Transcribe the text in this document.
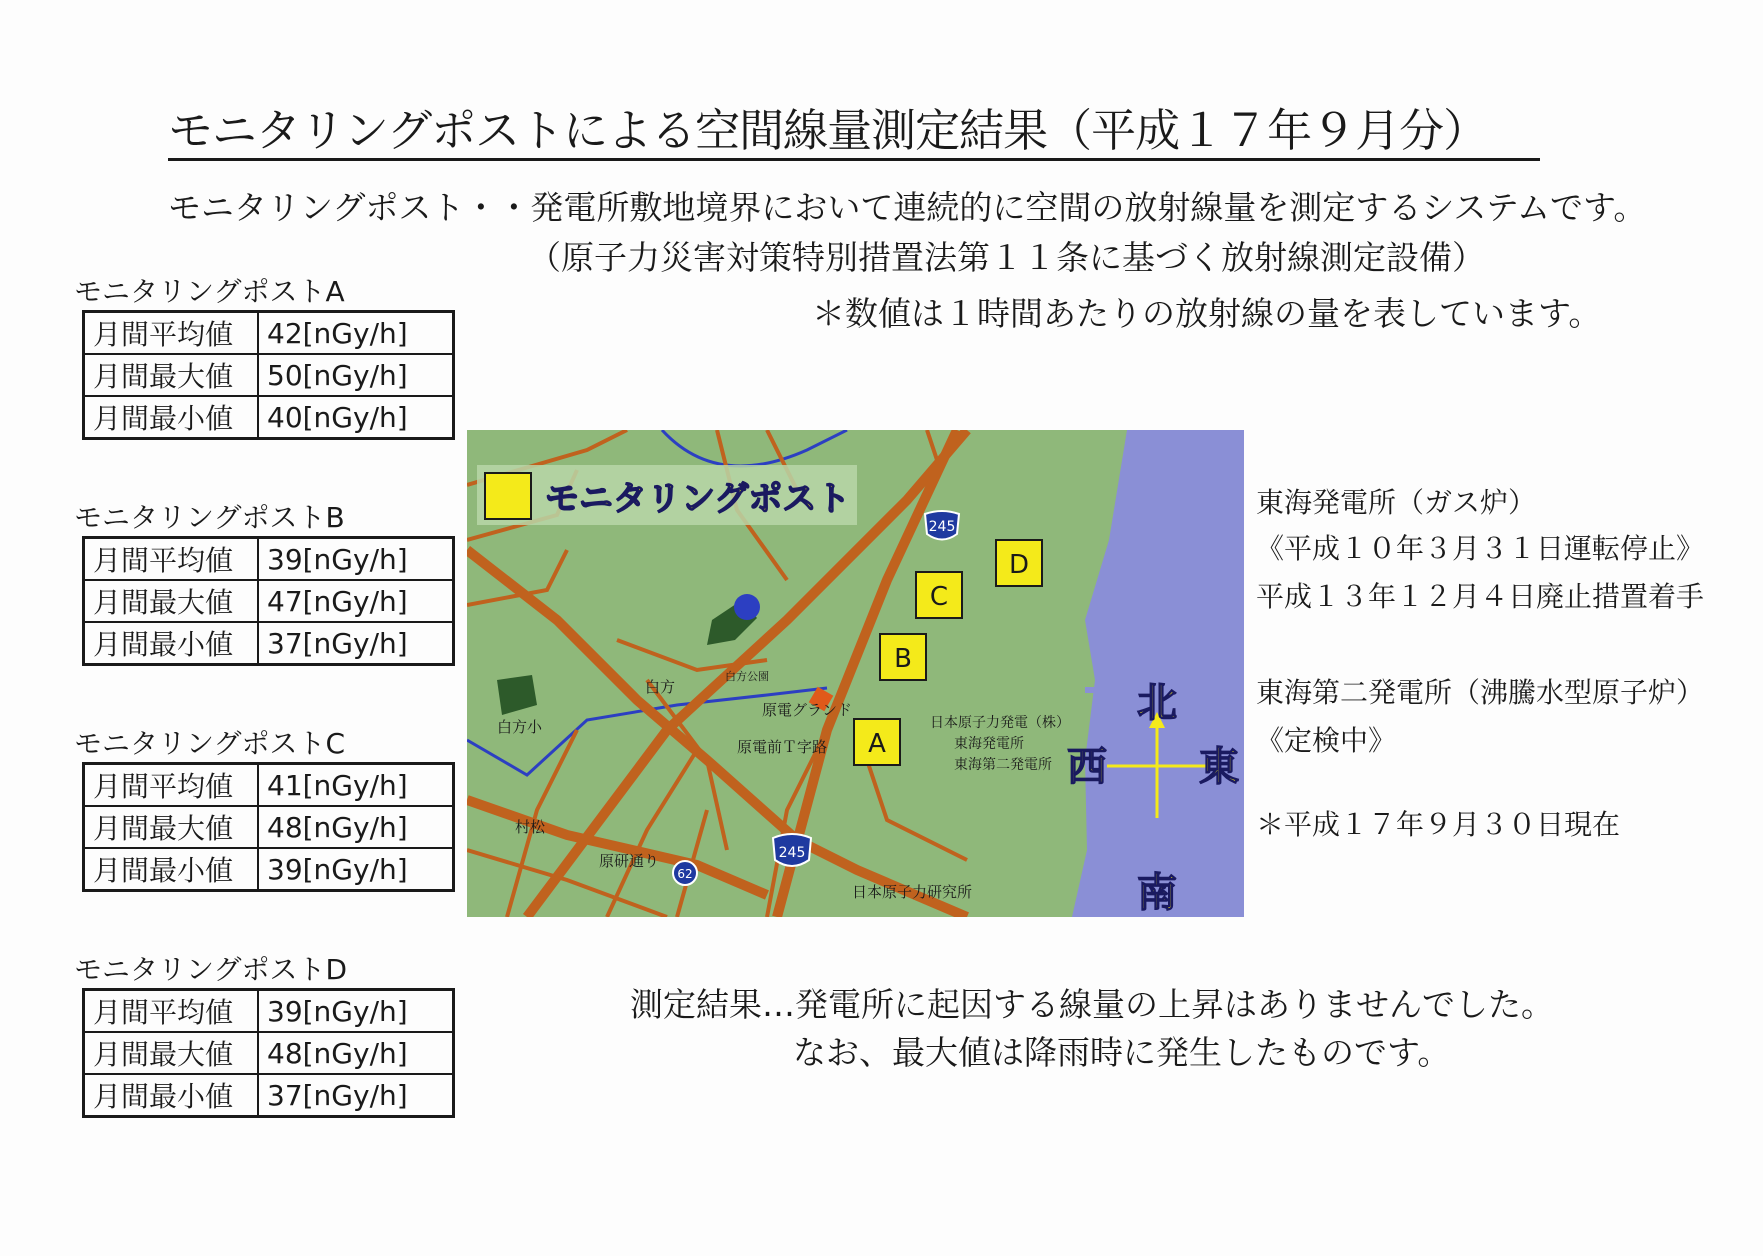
モニタリングポストによる空間線量測定結果（平成１７年９月分）
モニタリングポスト・・発電所敷地境界において連続的に空間の放射線量を測定するシステムです。
（原子力災害対策特別措置法第１１条に基づく放射線測定設備）
＊数値は１時間あたりの放射線の量を表しています。
モニタリングポストA
月間平均値	42[nGy/h]
月間最大値	50[nGy/h]
月間最小値	40[nGy/h]
モニタリングポストB
月間平均値	39[nGy/h]
月間最大値	47[nGy/h]
月間最小値	37[nGy/h]
モニタリングポストC
月間平均値	41[nGy/h]
月間最大値	48[nGy/h]
月間最小値	39[nGy/h]
モニタリングポストD
月間平均値	39[nGy/h]
月間最大値	48[nGy/h]
月間最小値	37[nGy/h]
245
245
62
モニタリングポスト
A
B
C
D
白方公園
白方
白方小
原電グランド
原電前Ｔ字路
村松
原研通り
日本原子力研究所
日本原子力発電（株）
東海発電所
東海第二発電所
北
南
東
西
東海発電所（ガス炉）
《平成１０年３月３１日運転停止》
平成１３年１２月４日廃止措置着手
東海第二発電所（沸騰水型原子炉）
《定検中》
＊平成１７年９月３０日現在
測定結果…発電所に起因する線量の上昇はありませんでした。
なお、最大値は降雨時に発生したものです。
